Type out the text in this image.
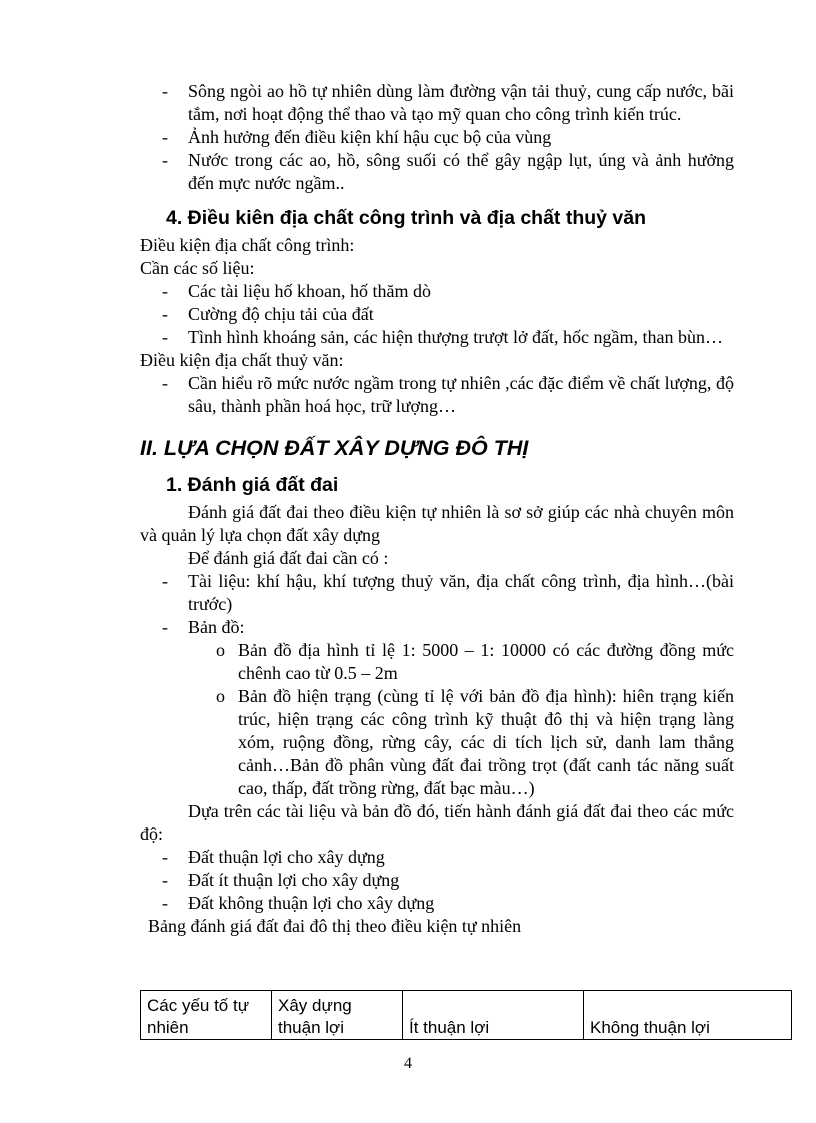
- Sông ngòi ao hồ tự nhiên dùng làm đường vận tải thuỷ, cung cấp nước, bãi tắm, nơi hoạt động thể thao và tạo mỹ quan cho công trình kiến trúc.
- Ảnh hưởng đến điều kiện khí hậu cục bộ của vùng
- Nước trong các ao, hồ, sông suối có thể gây ngập lụt, úng và ảnh hưởng đến mực nước ngầm..
4. Điều kiên địa chất công trình và địa chất thuỷ văn

Điều kiện địa chất công trình:

Cần các số liệu:

- Các tài liệu hố khoan, hố thăm dò
- Cường độ chịu tải của đất
- Tình hình khoáng sản, các hiện thượng trượt lở đất, hốc ngầm, than bùn…

Điều kiện địa chất thuỷ văn:

- Cần hiểu rõ mức nước ngầm trong tự nhiên ,các đặc điểm về chất lượng, độ sâu, thành phần hoá học, trữ lượng…
II. LỰA CHỌN ĐẤT XÂY DỰNG ĐÔ THỊ
1. Đánh giá đất đai

Đánh giá đất đai theo điều kiện tự nhiên là sơ sở giúp các nhà chuyên môn và quản lý lựa chọn đất xây dựng

Để đánh giá đất đai cần có :

- Tài liệu: khí hậu, khí tượng thuỷ văn, địa chất công trình, địa hình…(bài trước)
- Bản đồ:
o Bản đồ địa hình tỉ lệ 1: 5000 – 1: 10000 có các đường đồng mức chênh cao từ 0.5 – 2m
o Bản đồ hiện trạng (cùng tỉ lệ với bản đồ địa hình): hiên trạng kiến trúc, hiện trạng các công trình kỹ thuật đô thị và hiện trạng làng xóm, ruộng đồng, rừng cây, các di tích lịch sử, danh lam thắng cảnh…Bản đồ phân vùng đất đai trồng trọt (đất canh tác năng suất cao, thấp, đất trồng rừng, đất bạc màu…)

Dựa trên các tài liệu và bản đồ đó, tiến hành đánh giá đất đai theo các mức độ:

- Đất thuận lợi cho xây dựng
- Đất ít thuận lợi cho xây dựng
- Đất không thuận lợi cho xây dựng

Bảng đánh giá đất đai đô thị theo điều kiện tự nhiên

Các yếu tố tự nhiên	Xây dựng thuận lợi	Ít thuận lợi	Không thuận lợi
4
